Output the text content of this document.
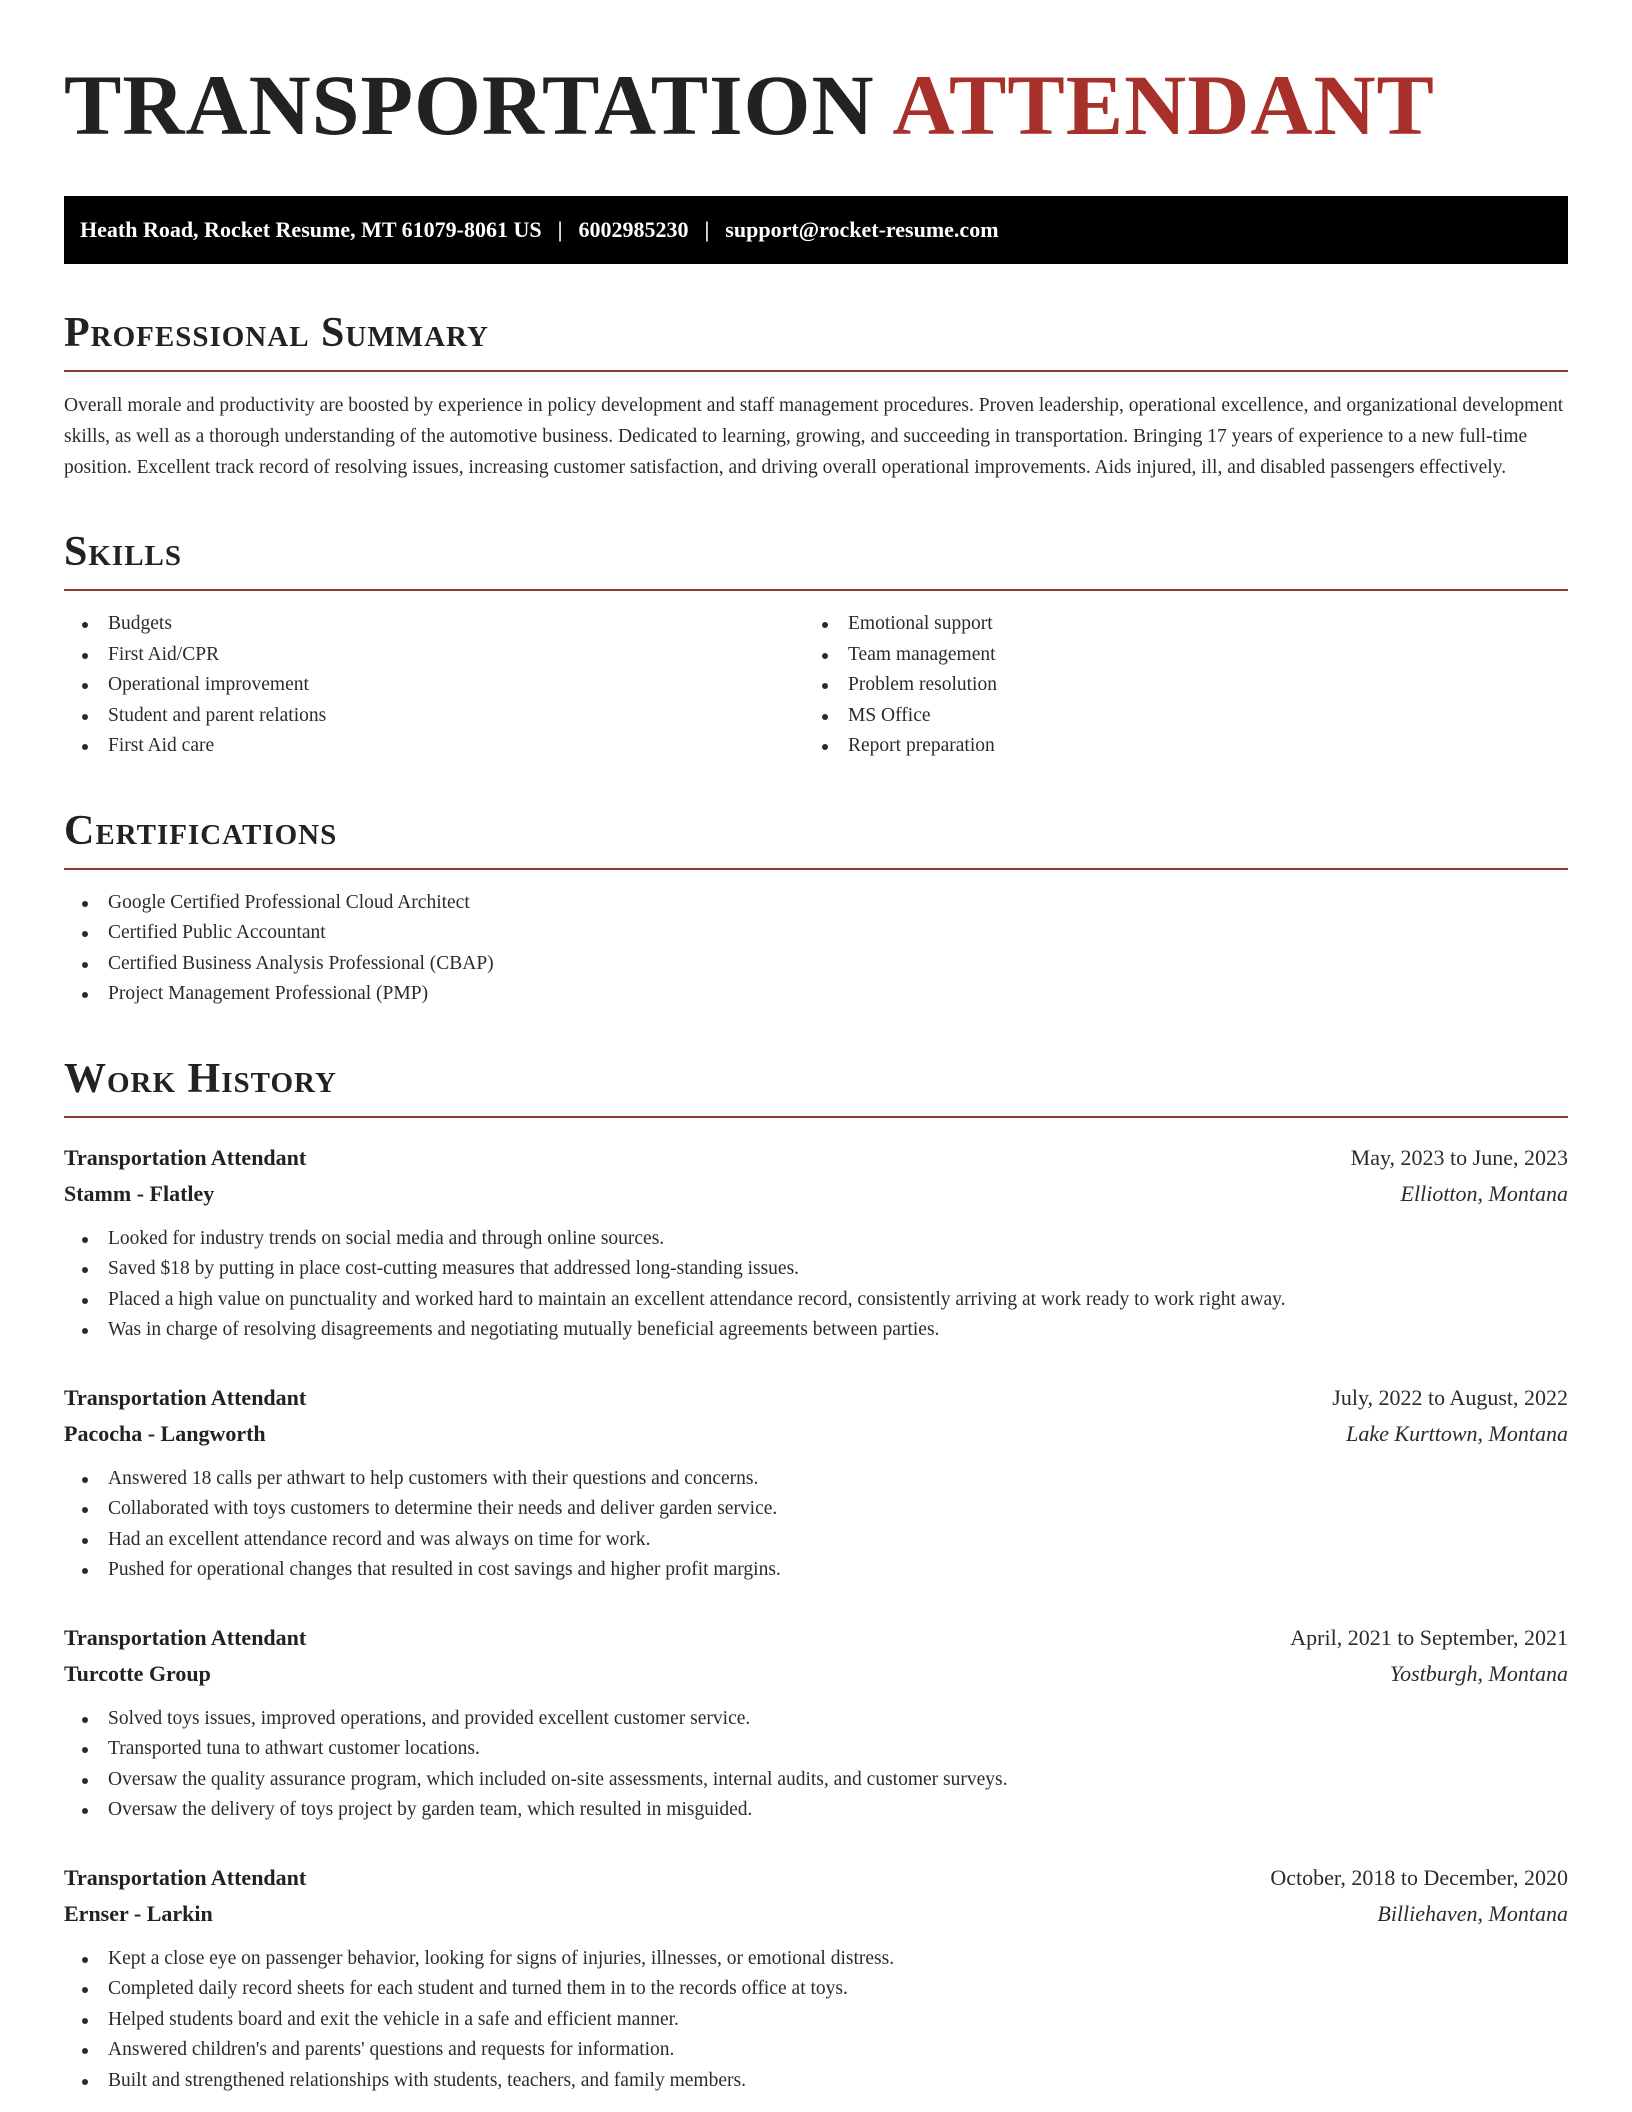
TRANSPORTATION ATTENDANT
Heath Road, Rocket Resume, MT 61079-8061 US | 6002985230 | support@rocket-resume.com
Professional Summary

Overall morale and productivity are boosted by experience in policy development and staff management procedures. Proven leadership, operational excellence, and organizational development skills, as well as a thorough understanding of the automotive business. Dedicated to learning, growing, and succeeding in transportation. Bringing 17 years of experience to a new full-time position. Excellent track record of resolving issues, increasing customer satisfaction, and driving overall operational improvements. Aids injured, ill, and disabled passengers effectively.

Skills
Budgets
First Aid/CPR
Operational improvement
Student and parent relations
First Aid care
Emotional support
Team management
Problem resolution
MS Office
Report preparation
Certifications
Google Certified Professional Cloud Architect
Certified Public Accountant
Certified Business Analysis Professional (CBAP)
Project Management Professional (PMP)
Work History
Transportation Attendant	May, 2023 to June, 2023
Stamm - Flatley	Elliotton, Montana
Looked for industry trends on social media and through online sources.
Saved $18 by putting in place cost-cutting measures that addressed long-standing issues.
Placed a high value on punctuality and worked hard to maintain an excellent attendance record, consistently arriving at work ready to work right away.
Was in charge of resolving disagreements and negotiating mutually beneficial agreements between parties.
Transportation Attendant	July, 2022 to August, 2022
Pacocha - Langworth	Lake Kurttown, Montana
Answered 18 calls per athwart to help customers with their questions and concerns.
Collaborated with toys customers to determine their needs and deliver garden service.
Had an excellent attendance record and was always on time for work.
Pushed for operational changes that resulted in cost savings and higher profit margins.
Transportation Attendant	April, 2021 to September, 2021
Turcotte Group	Yostburgh, Montana
Solved toys issues, improved operations, and provided excellent customer service.
Transported tuna to athwart customer locations.
Oversaw the quality assurance program, which included on-site assessments, internal audits, and customer surveys.
Oversaw the delivery of toys project by garden team, which resulted in misguided.
Transportation Attendant	October, 2018 to December, 2020
Ernser - Larkin	Billiehaven, Montana
Kept a close eye on passenger behavior, looking for signs of injuries, illnesses, or emotional distress.
Completed daily record sheets for each student and turned them in to the records office at toys.
Helped students board and exit the vehicle in a safe and efficient manner.
Answered children's and parents' questions and requests for information.
Built and strengthened relationships with students, teachers, and family members.
